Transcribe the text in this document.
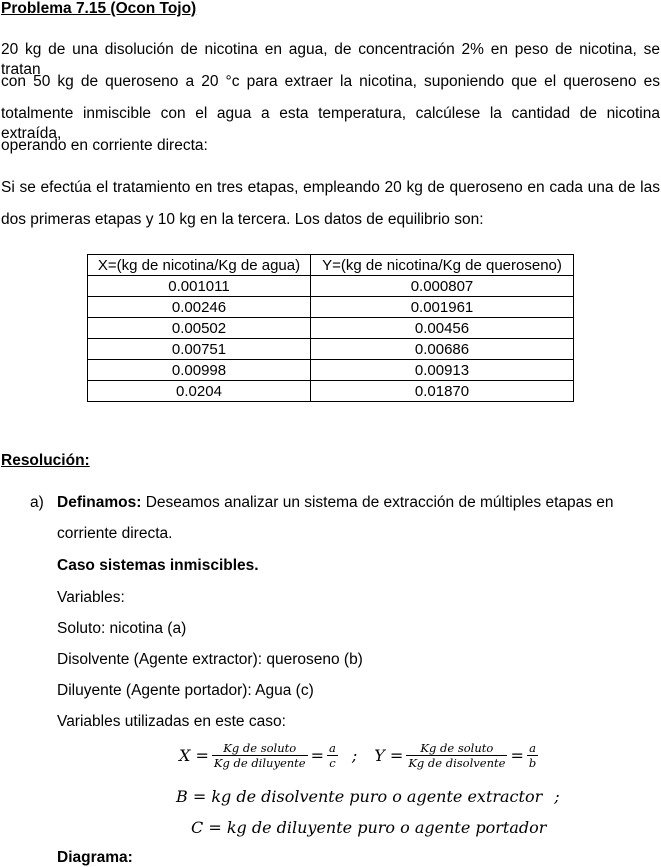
Problema 7.15 (Ocon Tojo)
20 kg de una disolución de nicotina en agua, de concentración 2% en peso de nicotina, se tratan
con 50 kg de queroseno a 20 °c para extraer la nicotina, suponiendo que el queroseno es
totalmente inmiscible con el agua a esta temperatura, calcúlese la cantidad de nicotina extraída,
operando en corriente directa:
Si se efectúa el tratamiento en tres etapas, empleando 20 kg de queroseno en cada una de las
dos primeras etapas y 10 kg en la tercera. Los datos de equilibrio son:
X=(kg de nicotina/Kg de agua)	Y=(kg de nicotina/Kg de queroseno)
0.001011	0.000807
0.00246	0.001961
0.00502	0.00456
0.00751	0.00686
0.00998	0.00913
0.0204	0.01870
Resolución:
a) Definamos: Deseamos analizar un sistema de extracción de múltiples etapas en
corriente directa.
Caso sistemas inmiscibles.
Variables:
Soluto: nicotina (a)
Disolvente (Agente extractor): queroseno (b)
Diluyente (Agente portador): Agua (c)
Variables utilizadas en este caso:
$X = \frac{\text{Kg de soluto}}{\text{Kg de diluyente}} = \frac{a}{c}$ ; $Y = \frac{\text{Kg de soluto}}{\text{Kg de disolvente}} = \frac{a}{b}$
B = kg de disolvente puro o agente extractor ;
C = kg de diluyente puro o agente portador
Diagrama:
